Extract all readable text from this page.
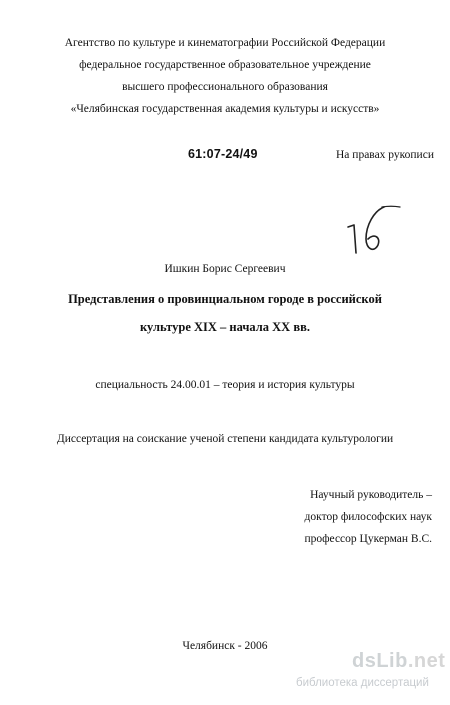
Агентство по культуре и кинематографии Российской Федерации
федеральное государственное образовательное учреждение
высшего профессионального образования
«Челябинская государственная академия культуры и искусств»
61:07-24/49	На правах рукописи
Ишкин Борис Сергеевич
Представления о провинциальном городе в российской
культуре XIX – начала XX вв.
специальность 24.00.01 – теория и история культуры
Диссертация на соискание ученой степени кандидата культурологии
Научный руководитель –
доктор философских наук
профессор Цукерман В.С.
Челябинск - 2006
dsLib.net
библиотека диссертаций
